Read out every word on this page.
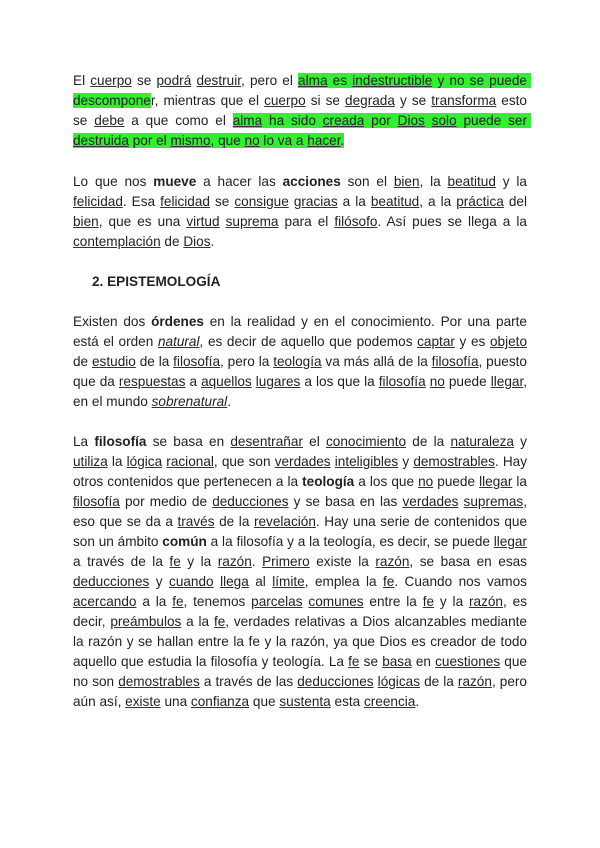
El cuerpo se podrá destruir, pero el alma es indestructible y no se puede descomponer, mientras que el cuerpo si se degrada y se transforma esto se debe a que como el alma ha sido creada por Dios solo puede ser destruida por el mismo, que no lo va a hacer.
Lo que nos mueve a hacer las acciones son el bien, la beatitud y la felicidad. Esa felicidad se consigue gracias a la beatitud, a la práctica del bien, que es una virtud suprema para el filósofo. Así pues se llega a la contemplación de Dios.
2. EPISTEMOLOGÍA
Existen dos órdenes en la realidad y en el conocimiento. Por una parte está el orden natural, es decir de aquello que podemos captar y es objeto de estudio de la filosofía, pero la teología va más allá de la filosofía, puesto que da respuestas a aquellos lugares a los que la filosofía no puede llegar, en el mundo sobrenatural.
La filosofía se basa en desentrañar el conocimiento de la naturaleza y utiliza la lógica racional, que son verdades inteligibles y demostrables. Hay otros contenidos que pertenecen a la teología a los que no puede llegar la filosofía por medio de deducciones y se basa en las verdades supremas, eso que se da a través de la revelación. Hay una serie de contenidos que son un ámbito común a la filosofía y a la teología, es decir, se puede llegar a través de la fe y la razón. Primero existe la razón, se basa en esas deducciones y cuando llega al límite, emplea la fe. Cuando nos vamos acercando a la fe, tenemos parcelas comunes entre la fe y la razón, es decir, preámbulos a la fe, verdades relativas a Dios alcanzables mediante la razón y se hallan entre la fe y la razón, ya que Dios es creador de todo aquello que estudia la filosofía y teología. La fe se basa en cuestiones que no son demostrables a través de las deducciones lógicas de la razón, pero aún así, existe una confianza que sustenta esta creencia.
